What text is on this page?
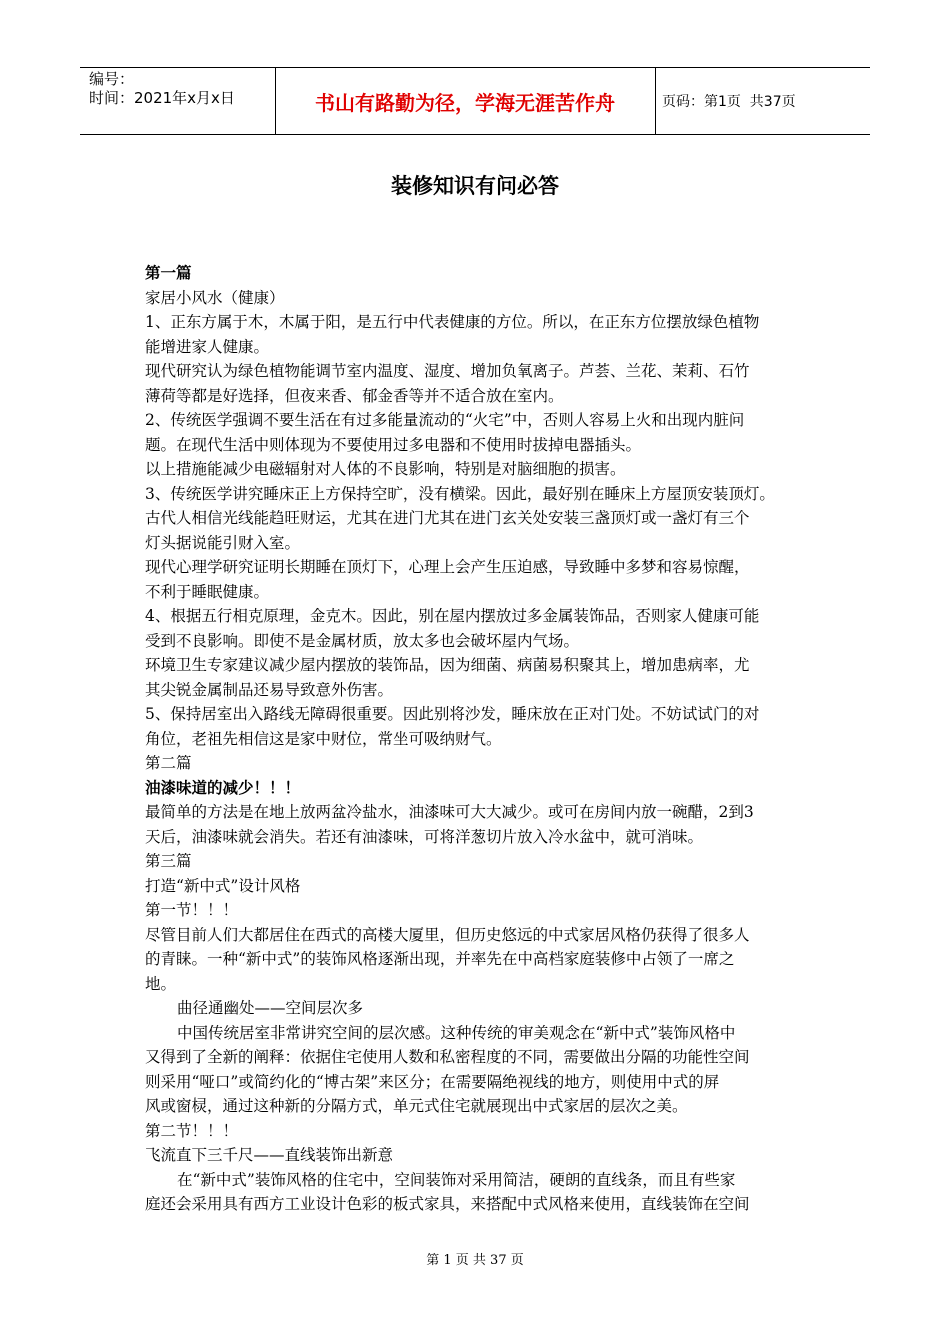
编号：
时间：2021年x月x日	书山有路勤为径，学海无涯苦作舟	页码：第1页  共37页
装修知识有问必答
第一篇
家居小风水（健康）
1、正东方属于木，木属于阳，是五行中代表健康的方位。所以，在正东方位摆放绿色植物
能增进家人健康。
现代研究认为绿色植物能调节室内温度、湿度、增加负氧离子。芦荟、兰花、茉莉、石竹
薄荷等都是好选择，但夜来香、郁金香等并不适合放在室内。
2、传统医学强调不要生活在有过多能量流动的“火宅”中，否则人容易上火和出现内脏问
题。在现代生活中则体现为不要使用过多电器和不使用时拔掉电器插头。
以上措施能减少电磁辐射对人体的不良影响，特别是对脑细胞的损害。
3、传统医学讲究睡床正上方保持空旷，没有横梁。因此，最好别在睡床上方屋顶安装顶灯。
古代人相信光线能趋旺财运，尤其在进门尤其在进门玄关处安装三盏顶灯或一盏灯有三个
灯头据说能引财入室。
现代心理学研究证明长期睡在顶灯下，心理上会产生压迫感，导致睡中多梦和容易惊醒，
不利于睡眠健康。
4、根据五行相克原理，金克木。因此，别在屋内摆放过多金属装饰品，否则家人健康可能
受到不良影响。即使不是金属材质，放太多也会破坏屋内气场。
环境卫生专家建议减少屋内摆放的装饰品，因为细菌、病菌易积聚其上，增加患病率，尤
其尖锐金属制品还易导致意外伤害。
5、保持居室出入路线无障碍很重要。因此别将沙发，睡床放在正对门处。不妨试试门的对
角位，老祖先相信这是家中财位，常坐可吸纳财气。
第二篇
油漆味道的减少！！！
最简单的方法是在地上放两盆冷盐水，油漆味可大大减少。或可在房间内放一碗醋，2到3
天后，油漆味就会消失。若还有油漆味，可将洋葱切片放入冷水盆中，就可消味。
第三篇
打造“新中式”设计风格
第一节！！！
尽管目前人们大都居住在西式的高楼大厦里，但历史悠远的中式家居风格仍获得了很多人
的青睐。一种“新中式”的装饰风格逐渐出现，并率先在中高档家庭装修中占领了一席之
地。
曲径通幽处——空间层次多
中国传统居室非常讲究空间的层次感。这种传统的审美观念在“新中式”装饰风格中
又得到了全新的阐释：依据住宅使用人数和私密程度的不同，需要做出分隔的功能性空间
则采用“哑口”或简约化的“博古架”来区分；在需要隔绝视线的地方，则使用中式的屏
风或窗棂，通过这种新的分隔方式，单元式住宅就展现出中式家居的层次之美。
第二节！！！
飞流直下三千尺——直线装饰出新意
在“新中式”装饰风格的住宅中，空间装饰对采用简洁，硬朗的直线条，而且有些家
庭还会采用具有西方工业设计色彩的板式家具，来搭配中式风格来使用，直线装饰在空间
第 1 页 共 37 页
